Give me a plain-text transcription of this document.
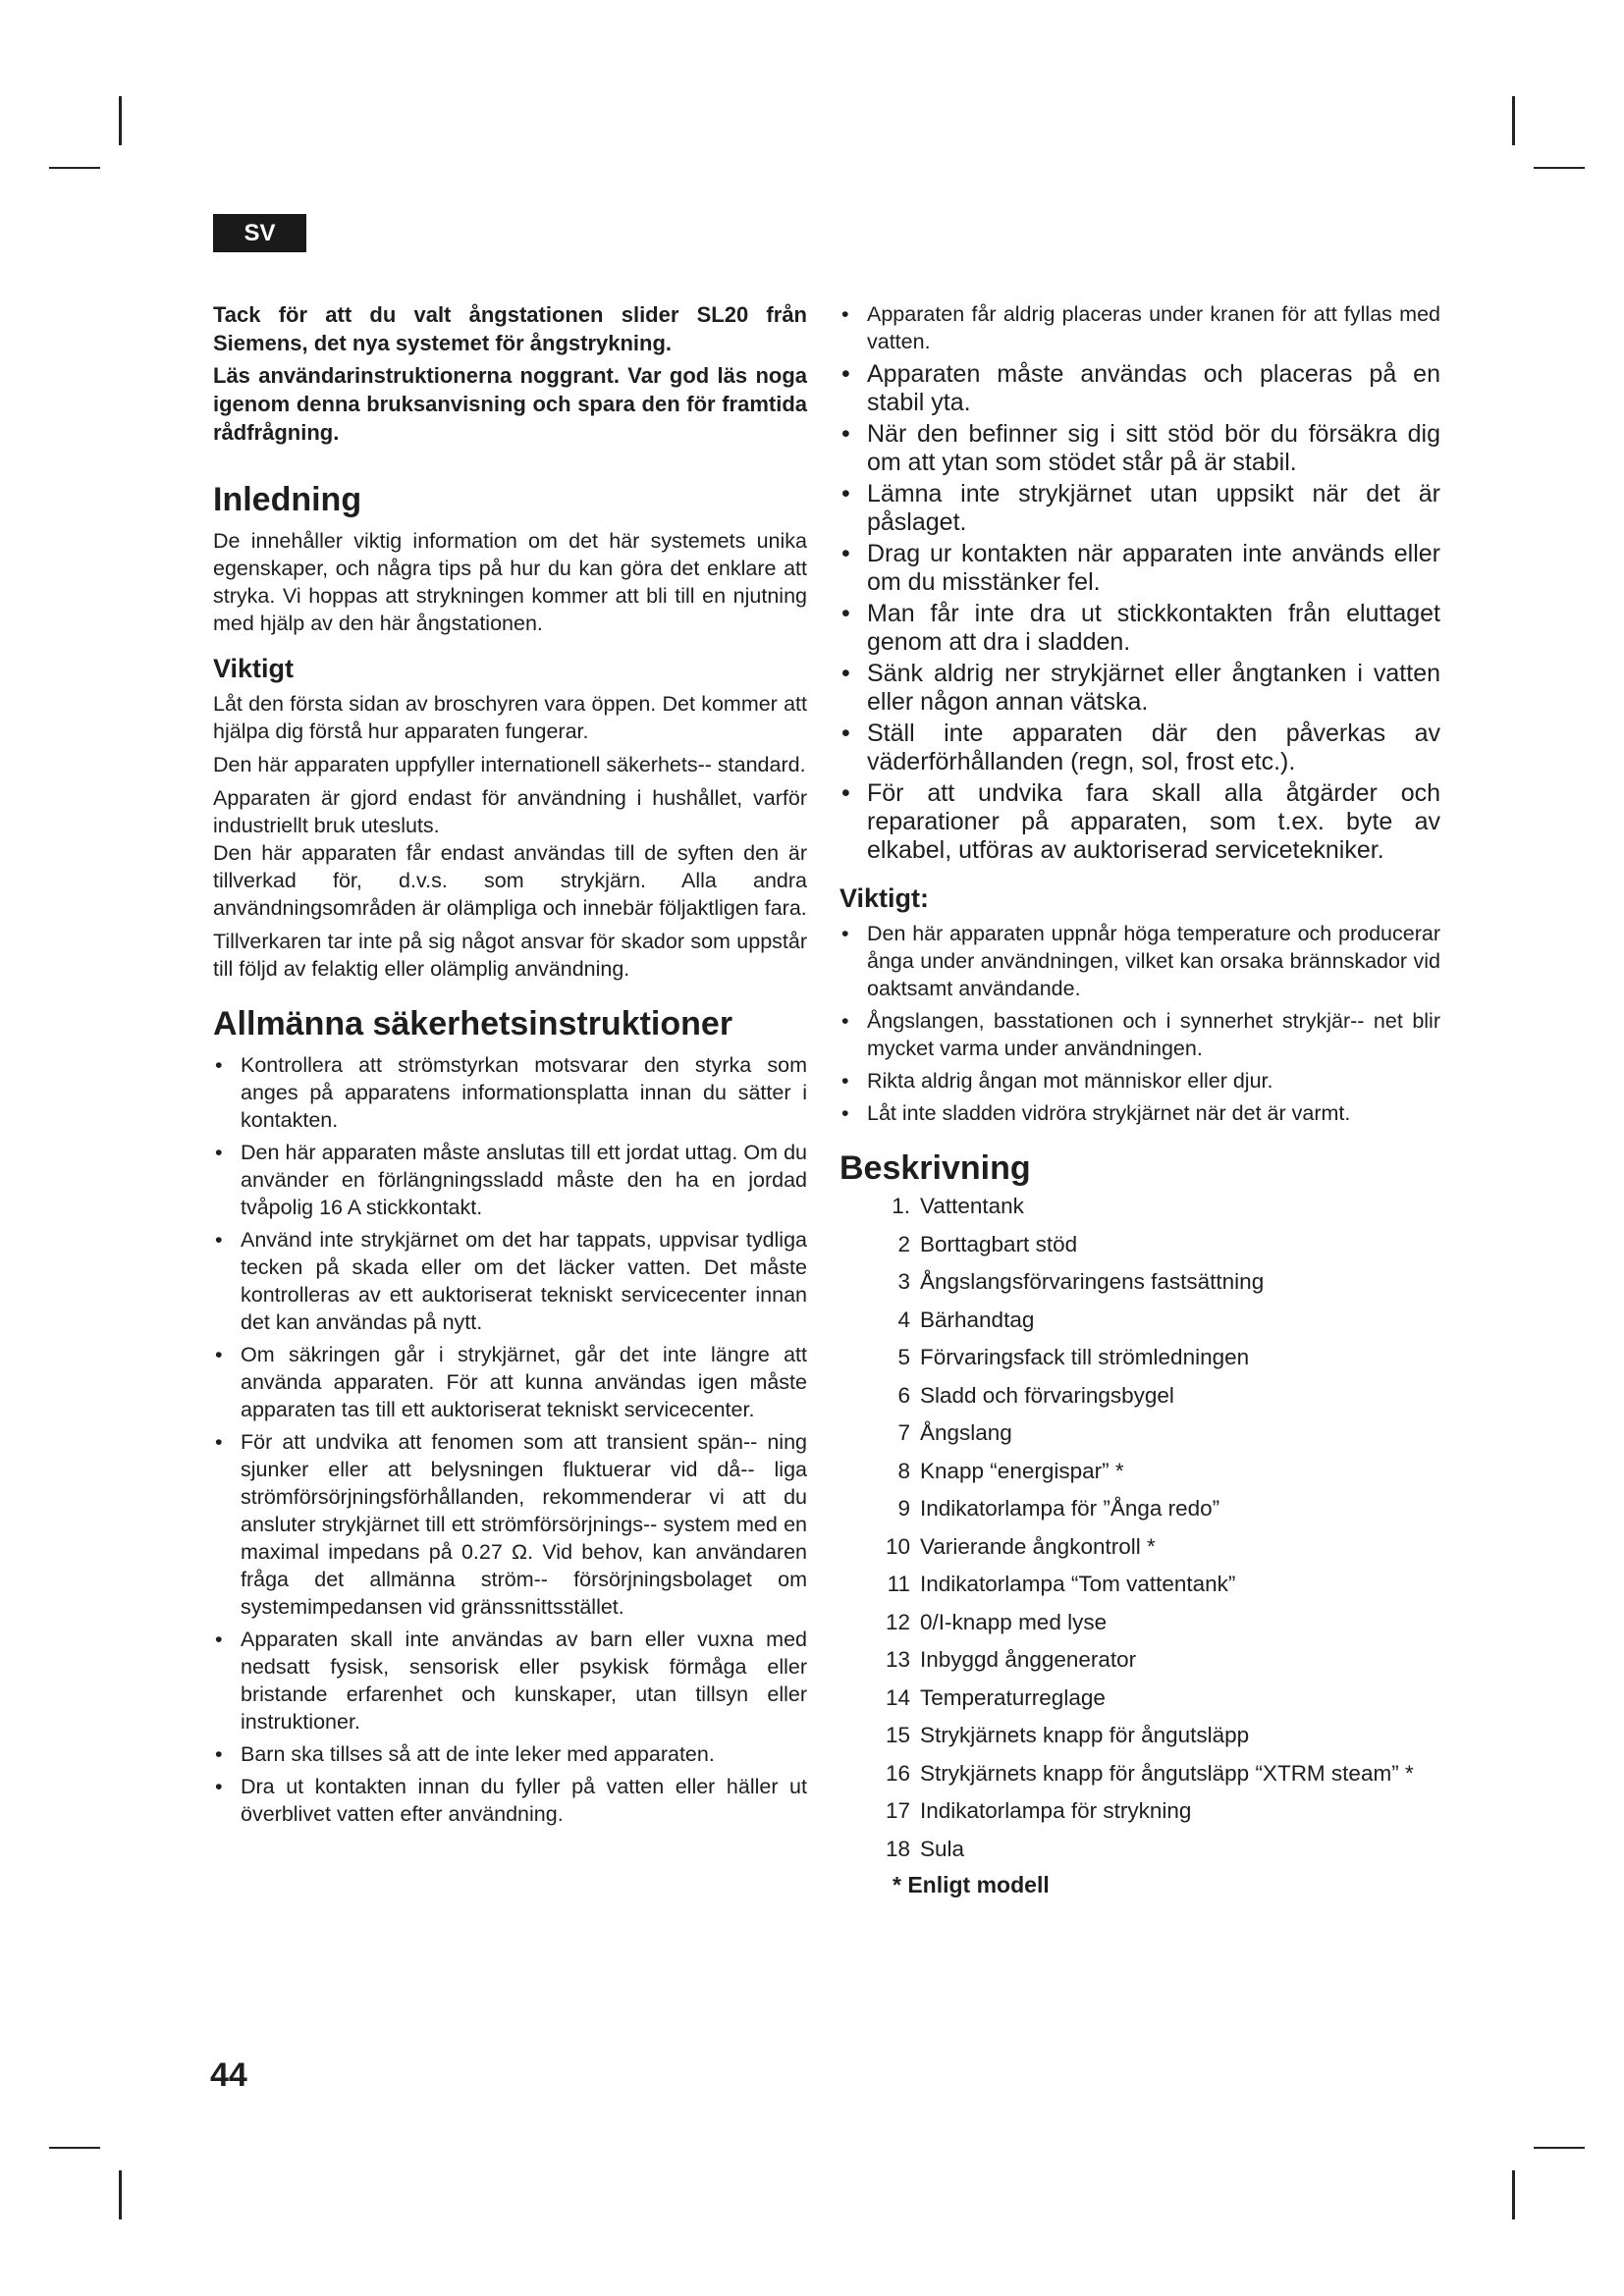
SV

Tack för att du valt ångstationen slider SL20 från Siemens, det nya systemet för ångstrykning.

Läs användarinstruktionerna noggrant. Var god läs noga igenom denna bruksanvisning och spara den för framtida rådfrågning.

Inledning

De innehåller viktig information om det här systemets unika egenskaper, och några tips på hur du kan göra det enklare att stryka. Vi hoppas att strykningen kommer att bli till en njutning med hjälp av den här ångstationen.

Viktigt

Låt den första sidan av broschyren vara öppen. Det kommer att hjälpa dig förstå hur apparaten fungerar.

Den här apparaten uppfyller internationell säkerhets-- standard.

Apparaten är gjord endast för användning i hushållet, varför industriellt bruk utesluts.

Den här apparaten får endast användas till de syften den är tillverkad för, d.v.s. som strykjärn. Alla andra användningsområden är olämpliga och innebär följaktligen fara.

Tillverkaren tar inte på sig något ansvar för skador som uppstår till följd av felaktig eller olämplig användning.

Allmänna säkerhetsinstruktioner
• Kontrollera att strömstyrkan motsvarar den styrka som anges på apparatens informationsplatta innan du sätter i kontakten.
• Den här apparaten måste anslutas till ett jordat uttag. Om du använder en förlängningssladd måste den ha en jordad tvåpolig 16 A stickkontakt.
• Använd inte strykjärnet om det har tappats, uppvisar tydliga tecken på skada eller om det läcker vatten. Det måste kontrolleras av ett auktoriserat tekniskt servicecenter innan det kan användas på nytt.
• Om säkringen går i strykjärnet, går det inte längre att använda apparaten. För att kunna användas igen måste apparaten tas till ett auktoriserat tekniskt servicecenter.
• För att undvika att fenomen som att transient spän-- ning sjunker eller att belysningen fluktuerar vid då-- liga strömförsörjningsförhållanden, rekommenderar vi att du ansluter strykjärnet till ett strömförsörjnings-- system med en maximal impedans på 0.27 Ω. Vid behov, kan användaren fråga det allmänna ström-- försörjningsbolaget om systemimpedansen vid gränssnittsstället.
• Apparaten skall inte användas av barn eller vuxna med nedsatt fysisk, sensorisk eller psykisk förmåga eller bristande erfarenhet och kunskaper, utan tillsyn eller instruktioner.
• Barn ska tillses så att de inte leker med apparaten.
• Dra ut kontakten innan du fyller på vatten eller häller ut överblivet vatten efter användning.
• Apparaten får aldrig placeras under kranen för att fyllas med vatten.
• Apparaten måste användas och placeras på en stabil yta.
• När den befinner sig i sitt stöd bör du försäkra dig om att ytan som stödet står på är stabil.
• Lämna inte strykjärnet utan uppsikt när det är påslaget.
• Drag ur kontakten när apparaten inte används eller om du misstänker fel.
• Man får inte dra ut stickkontakten från eluttaget genom att dra i sladden.
• Sänk aldrig ner strykjärnet eller ångtanken i vatten eller någon annan vätska.
• Ställ inte apparaten där den påverkas av väderförhållanden (regn, sol, frost etc.).
• För att undvika fara skall alla åtgärder och reparationer på apparaten, som t.ex. byte av elkabel, utföras av auktoriserad servicetekniker.
Viktigt:
• Den här apparaten uppnår höga temperature och producerar ånga under användningen, vilket kan orsaka brännskador vid oaktsamt användande.
• Ångslangen, basstationen och i synnerhet strykjär-- net blir mycket varma under användningen.
• Rikta aldrig ångan mot människor eller djur.
• Låt inte sladden vidröra strykjärnet när det är varmt.
Beskrivning
1. Vattentank
2 Borttagbart stöd
3 Ångslangsförvaringens fastsättning
4 Bärhandtag
5 Förvaringsfack till strömledningen
6 Sladd och förvaringsbygel
7 Ångslang
8 Knapp “energispar” *
9 Indikatorlampa för ”Ånga redo”
10 Varierande ångkontroll *
11 Indikatorlampa “Tom vattentank”
12 0/I-knapp med lyse
13 Inbyggd ånggenerator
14 Temperaturreglage
15 Strykjärnets knapp för ångutsläpp
16 Strykjärnets knapp för ångutsläpp “XTRM steam” *
17 Indikatorlampa för strykning
18 Sula

* Enligt modell

44
